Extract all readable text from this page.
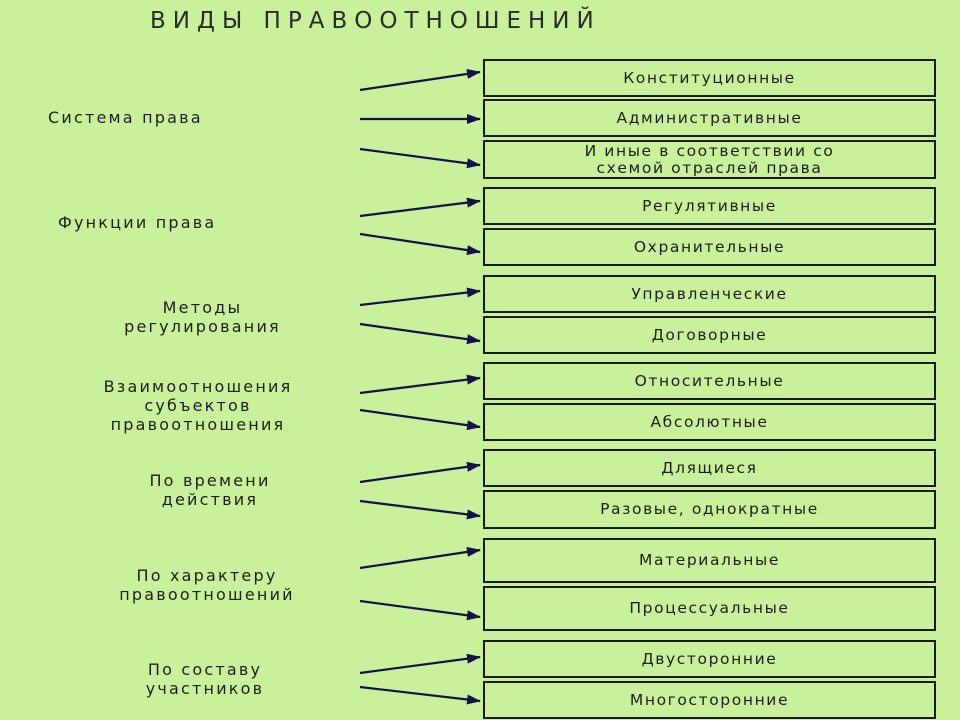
ВИДЫ ПРАВООТНОШЕНИЙ
Система права
Функции права
Методы
регулирования
Взаимоотношения
субъектов
правоотношения
По времени
действия
По характеру
правоотношений
По составу
участников
Конституционные
Административные
И иные в соответствии со
схемой отраслей права
Регулятивные
Охранительные
Управленческие
Договорные
Относительные
Абсолютные
Длящиеся
Разовые, однократные
Материальные
Процессуальные
Двусторонние
Многосторонние
